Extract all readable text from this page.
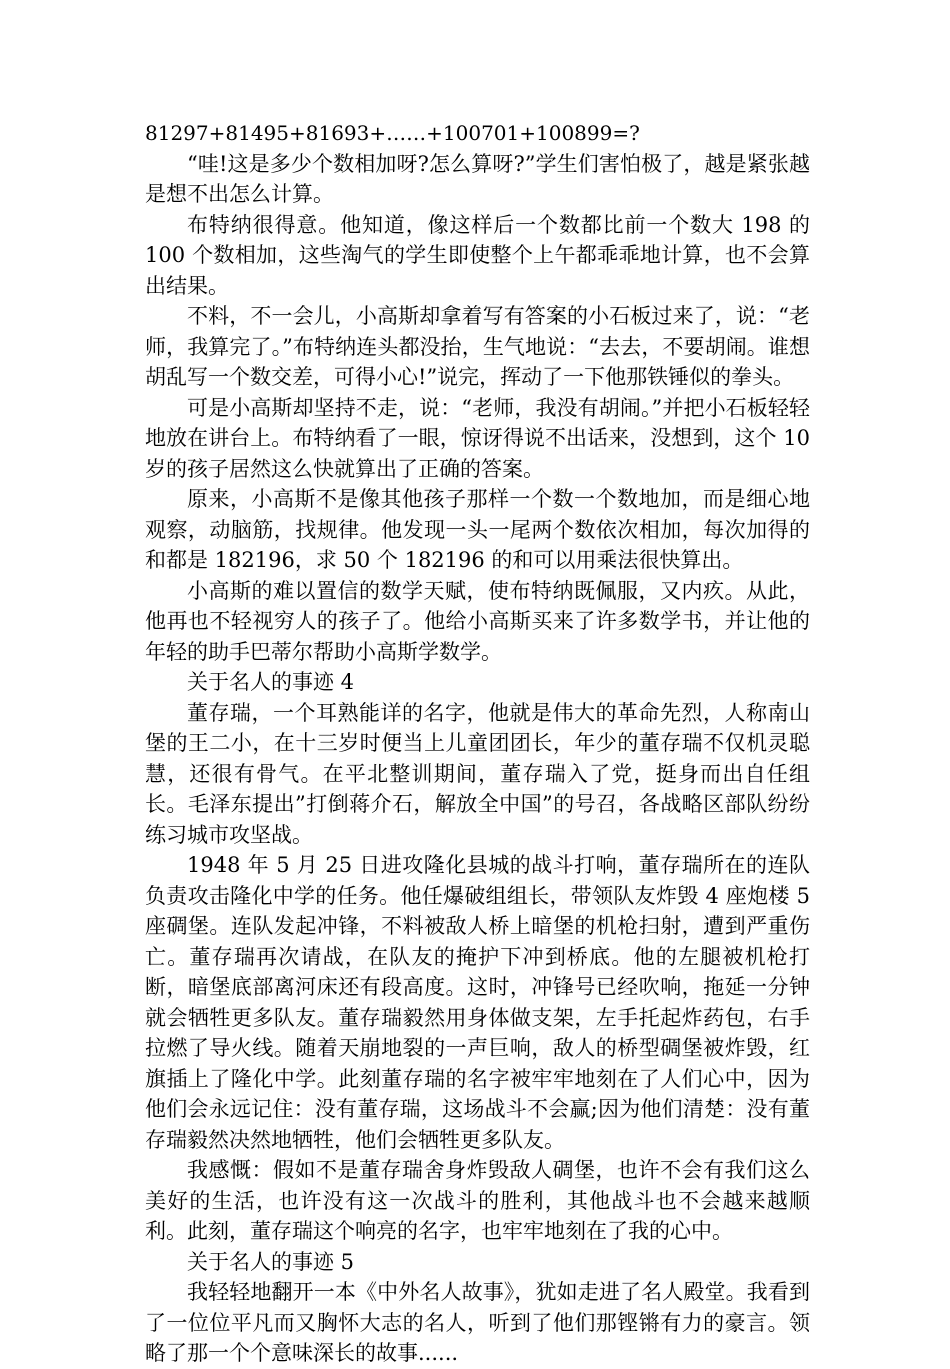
81297+81495+81693+……+100701+100899=?

“哇!这是多少个数相加呀?怎么算呀?”学生们害怕极了，越是紧张越是想不出怎么计算。

布特纳很得意。他知道，像这样后一个数都比前一个数大 198 的 100 个数相加，这些淘气的学生即使整个上午都乖乖地计算，也不会算出结果。

不料，不一会儿，小高斯却拿着写有答案的小石板过来了，说：“老师，我算完了。”布特纳连头都没抬，生气地说：“去去，不要胡闹。谁想胡乱写一个数交差，可得小心!”说完，挥动了一下他那铁锤似的拳头。

可是小高斯却坚持不走，说：“老师，我没有胡闹。”并把小石板轻轻地放在讲台上。布特纳看了一眼，惊讶得说不出话来，没想到，这个 10 岁的孩子居然这么快就算出了正确的答案。

原来，小高斯不是像其他孩子那样一个数一个数地加，而是细心地观察，动脑筋，找规律。他发现一头一尾两个数依次相加，每次加得的和都是 182196，求 50 个 182196 的和可以用乘法很快算出。

小高斯的难以置信的数学天赋，使布特纳既佩服，又内疚。从此，他再也不轻视穷人的孩子了。他给小高斯买来了许多数学书，并让他的年轻的助手巴蒂尔帮助小高斯学数学。

关于名人的事迹 4

董存瑞，一个耳熟能详的名字，他就是伟大的革命先烈，人称南山堡的王二小，在十三岁时便当上儿童团团长，年少的董存瑞不仅机灵聪慧，还很有骨气。在平北整训期间，董存瑞入了党，挺身而出自任组长。毛泽东提出”打倒蒋介石，解放全中国”的号召，各战略区部队纷纷练习城市攻坚战。

1948 年 5 月 25 日进攻隆化县城的战斗打响，董存瑞所在的连队负责攻击隆化中学的任务。他任爆破组组长，带领队友炸毁 4 座炮楼 5 座碉堡。连队发起冲锋，不料被敌人桥上暗堡的机枪扫射，遭到严重伤亡。董存瑞再次请战，在队友的掩护下冲到桥底。他的左腿被机枪打断，暗堡底部离河床还有段高度。这时，冲锋号已经吹响，拖延一分钟就会牺牲更多队友。董存瑞毅然用身体做支架，左手托起炸药包，右手拉燃了导火线。随着天崩地裂的一声巨响，敌人的桥型碉堡被炸毁，红旗插上了隆化中学。此刻董存瑞的名字被牢牢地刻在了人们心中，因为他们会永远记住：没有董存瑞，这场战斗不会赢;因为他们清楚：没有董存瑞毅然决然地牺牲，他们会牺牲更多队友。

我感慨：假如不是董存瑞舍身炸毁敌人碉堡，也许不会有我们这么美好的生活，也许没有这一次战斗的胜利，其他战斗也不会越来越顺利。此刻，董存瑞这个响亮的名字，也牢牢地刻在了我的心中。

关于名人的事迹 5

我轻轻地翻开一本《中外名人故事》，犹如走进了名人殿堂。我看到了一位位平凡而又胸怀大志的名人，听到了他们那铿锵有力的豪言。领略了那一个个意味深长的故事......
